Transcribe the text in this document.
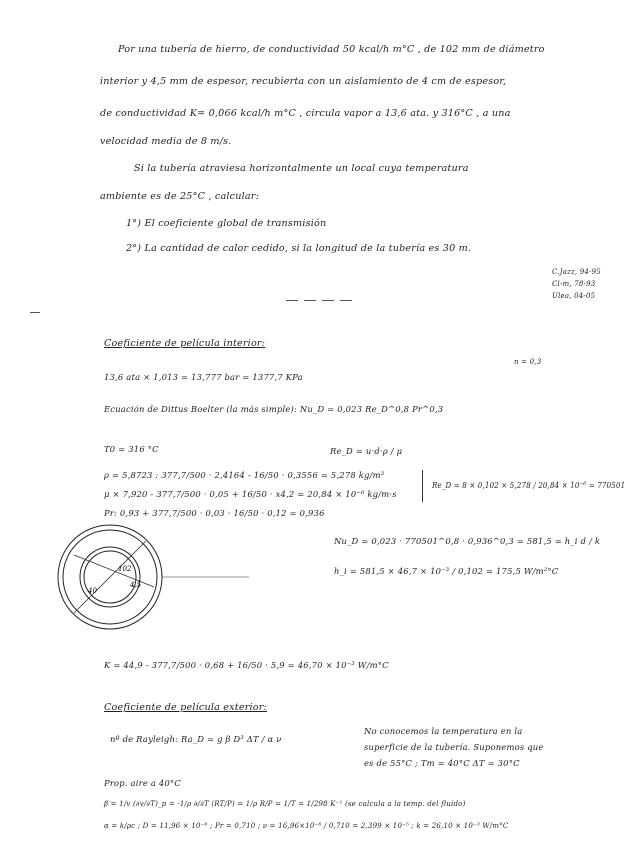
Por una tubería de hierro, de conductividad 50 kcal/h m°C , de 102 mm de diámetro
interior y 4,5 mm de espesor, recubierta con un aislamiento de 4 cm de espesor,
de conductividad K= 0,066 kcal/h m°C , circula vapor a 13,6 ata. y 316°C , a una
velocidad media de 8 m/s.
Si la tubería atraviesa horizontalmente un local cuya temperatura
ambiente es de 25°C , calcular:
1°) El coeficiente global de transmisión
2°) La cantidad de calor cedido, si la longitud de la tubería es 30 m.
C.Jazz, 94-95
Cl-m, 78-93
Ulea, 04-05
Coeficiente de película interior:
13,6 ata × 1,013 = 13,777 bar = 1377,7 KPa
n = 0,3
Ecuación de Dittus Boelter (la más simple): Nu_D = 0,023 Re_D^0,8 Pr^0,3
T0 = 316 °C	Re_D = u·d·ρ / μ
ρ = 5,8723 : 377,7/500 · 2,4164 - 16/50 · 0,3556 = 5,278 kg/m³
μ × 7,920 - 377,7/500 · 0,05 + 16/50 · x4,2 = 20,84 × 10⁻⁶ kg/m·s
Pr: 0,93 + 377,7/500 · 0,03 · 16/50 · 0,12 = 0,936
Re_D = 8 × 0,102 × 5,278 / 20,84 × 10⁻⁶ = 770501
Nu_D = 0,023 · 770501^0,8 · 0,936^0,3 = 581,5 = h_i d / k
h_i = 581,5 × 46,7 × 10⁻³ / 0,102 = 175,5 W/m²°C
102
4,5
40
K = 44,9 - 377,7/500 · 0,68 + 16/50 · 5,9 = 46,70 × 10⁻³ W/m°C
Coeficiente de película exterior:
nº de Rayleigh: Ra_D = g β D³ ΔT / α ν
No conocemos la temperatura en la
superficie de la tubería. Suponemos que
es de 55°C ; Tm = 40°C ΔT = 30°C
Prop. aire a 40°C
β = 1/v (∂v/∂T)_p = -1/ρ ∂/∂T (RT/P) = 1/ρ R/P = 1/T = 1/298 K⁻¹ (se calcula a la temp. del fluido)
α = k/ρc ; D = 11,96 × 10⁻⁶ ; Pr = 0,710 ; ν = 16,96×10⁻⁶ / 0,710 = 2,399 × 10⁻⁵ ; k = 26,10 × 10⁻³ W/m°C
